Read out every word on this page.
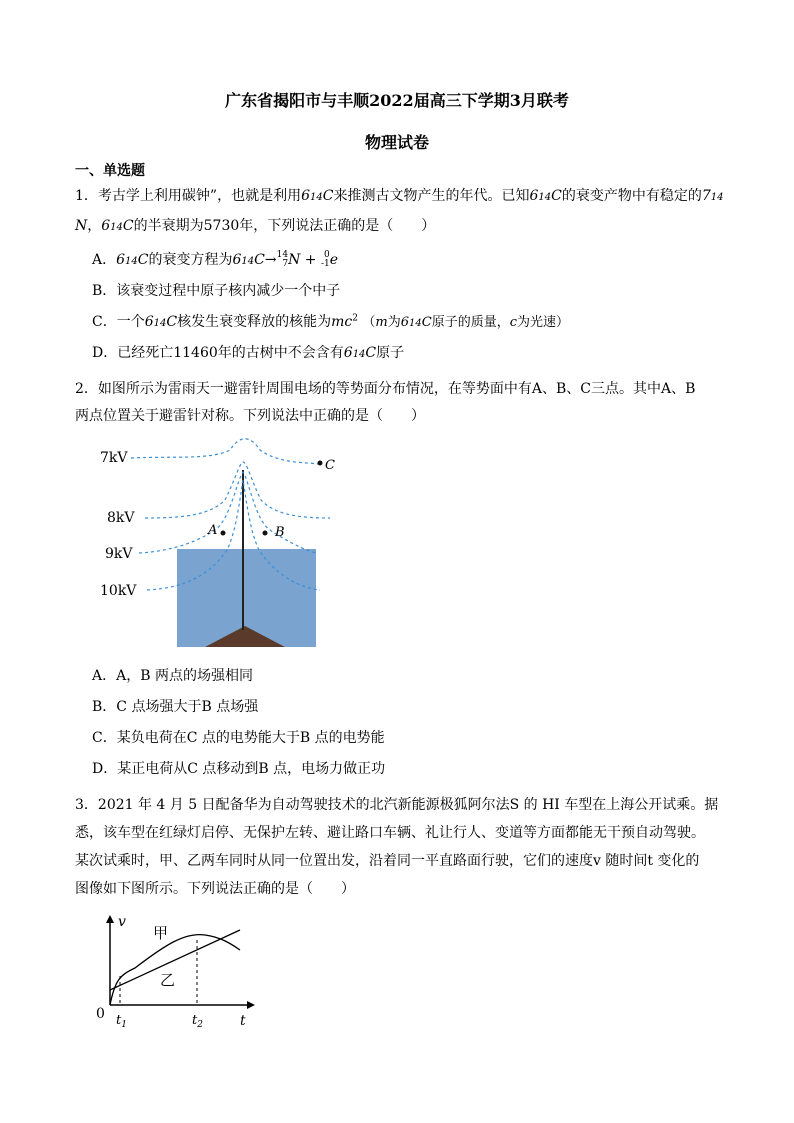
广东省揭阳市与丰顺2022届高三下学期3月联考
物理试卷
一、单选题
1．考古学上利用碳钟”，也就是利用614C来推测古文物产生的年代。已知614C的衰变产物中有稳定的714
N，614C的半衰期为5730年，下列说法正确的是（　　）
A．614C的衰变方程为614C→14
7N + 0
-1e
B．该衰变过程中原子核内减少一个中子
C．一个614C核发生衰变释放的核能为$mc^2$ （m为614C原子的质量，c为光速）
D．已经死亡11460年的古树中不会含有614C原子
2．如图所示为雷雨天一避雷针周围电场的等势面分布情况，在等势面中有A、B、C三点。其中A、B
两点位置关于避雷针对称。下列说法中正确的是（　　）
7kV
8kV
9kV
10kV
A	B
C
A．A，B 两点的场强相同
B．C 点场强大于B 点场强
C．某负电荷在C 点的电势能大于B 点的电势能
D．某正电荷从C 点移动到B 点，电场力做正功
3．2021 年 4 月 5 日配备华为自动驾驶技术的北汽新能源极狐阿尔法S 的 HI 车型在上海公开试乘。据
悉，该车型在红绿灯启停、无保护左转、避让路口车辆、礼让行人、变道等方面都能无干预自动驾驶。
某次试乘时，甲、乙两车同时从同一位置出发，沿着同一平直路面行驶，它们的速度v 随时间t 变化的
图像如下图所示。下列说法正确的是（　　）
v
t
0 $t_1$	$t_2$
甲
乙
